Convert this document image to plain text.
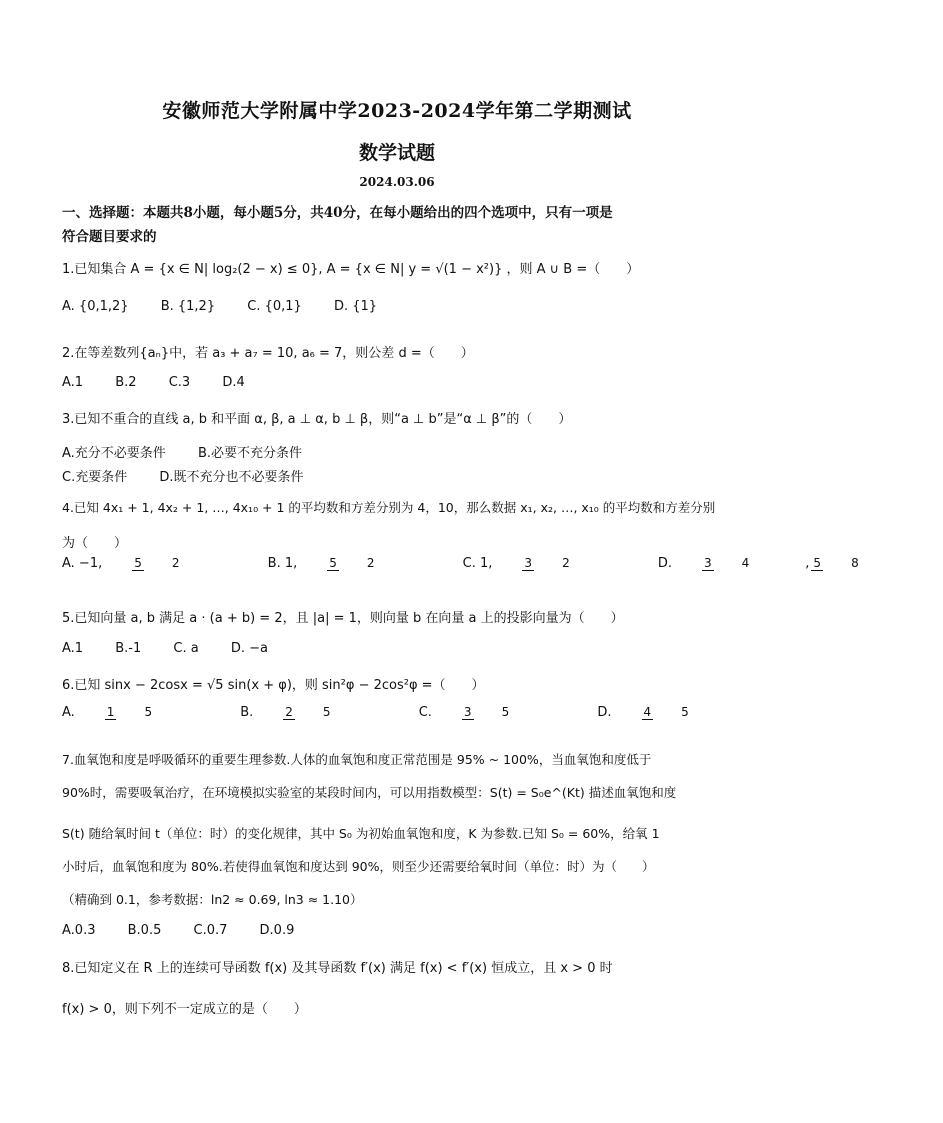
安徽师范大学附属中学2023-2024学年第二学期测试
数学试题
2024.03.06
一、选择题：本题共8小题，每小题5分，共40分，在每小题给出的四个选项中，只有一项是
符合题目要求的
1.已知集合 A = {x ∈ N| log₂(2 − x) ≤ 0}, A = {x ∈ N| y = √(1 − x²)} ，则 A ∪ B =（　　）
A. {0,1,2} B. {1,2} C. {0,1} D. {1}
2.在等差数列{aₙ}中，若 a₃ + a₇ = 10, a₆ = 7，则公差 d =（　　）
A.1 B.2 C.3 D.4
3.已知不重合的直线 a, b 和平面 α, β, a ⊥ α, b ⊥ β，则“a ⊥ b”是“α ⊥ β”的（　　）
A.充分不必要条件 B.必要不充分条件
C.充要条件 D.既不充分也不必要条件
4.已知 4x₁ + 1, 4x₂ + 1, …, 4x₁₀ + 1 的平均数和方差分别为 4，10，那么数据 x₁, x₂, …, x₁₀ 的平均数和方差分别
为（　　）
A. −1,	5	2	B. 1,	5	2	C. 1,	3	2	D.	3	4	, 5	8
5.已知向量 a, b 满足 a · (a + b) = 2，且 |a| = 1，则向量 b 在向量 a 上的投影向量为（　　）
A.1 B.-1 C. a D. −a
6.已知 sinx − 2cosx = √5 sin(x + φ)，则 sin²φ − 2cos²φ =（　　）
A.	1	5	B.	2	5	C.	3	5	D.	4	5
7.血氧饱和度是呼吸循环的重要生理参数.人体的血氧饱和度正常范围是 95% ~ 100%，当血氧饱和度低于
90%时，需要吸氧治疗，在环境模拟实验室的某段时间内，可以用指数模型：S(t) = S₀e^(Kt) 描述血氧饱和度
S(t) 随给氧时间 t（单位：时）的变化规律，其中 S₀ 为初始血氧饱和度，K 为参数.已知 S₀ = 60%，给氧 1
小时后，血氧饱和度为 80%.若使得血氧饱和度达到 90%，则至少还需要给氧时间（单位：时）为（　　）
（精确到 0.1，参考数据：ln2 ≈ 0.69, ln3 ≈ 1.10）
A.0.3 B.0.5 C.0.7 D.0.9
8.已知定义在 R 上的连续可导函数 f(x) 及其导函数 f′(x) 满足 f(x) < f′(x) 恒成立，且 x > 0 时
f(x) > 0，则下列不一定成立的是（　　）
